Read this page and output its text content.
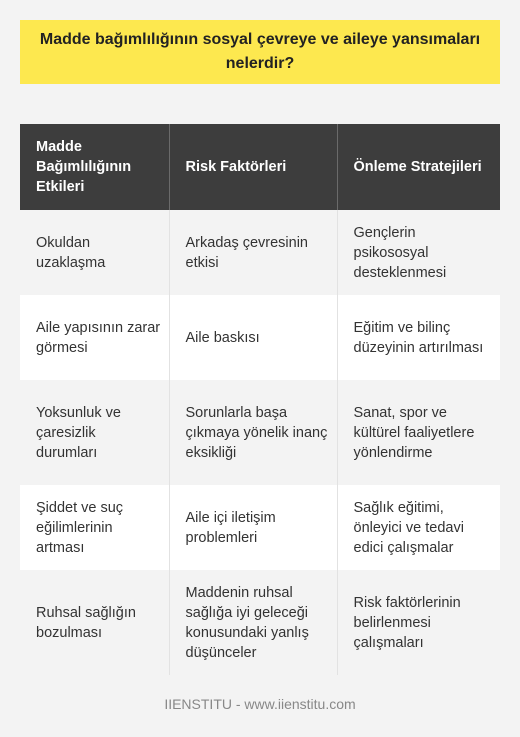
Madde bağımlılığının sosyal çevreye ve aileye yansımaları nelerdir?
Madde Bağımlılığının Etkileri	Risk Faktörleri	Önleme Stratejileri
Okuldan uzaklaşma	Arkadaş çevresinin etkisi	Gençlerin psikososyal desteklenmesi
Aile yapısının zarar görmesi	Aile baskısı	Eğitim ve bilinç düzeyinin artırılması
Yoksunluk ve çaresizlik durumları	Sorunlarla başa çıkmaya yönelik inanç eksikliği	Sanat, spor ve kültürel faaliyetlere yönlendirme
Şiddet ve suç eğilimlerinin artması	Aile içi iletişim problemleri	Sağlık eğitimi, önleyici ve tedavi edici çalışmalar
Ruhsal sağlığın bozulması	Maddenin ruhsal sağlığa iyi geleceği konusundaki yanlış düşünceler	Risk faktörlerinin belirlenmesi çalışmaları
IIENSTITU - www.iienstitu.com
